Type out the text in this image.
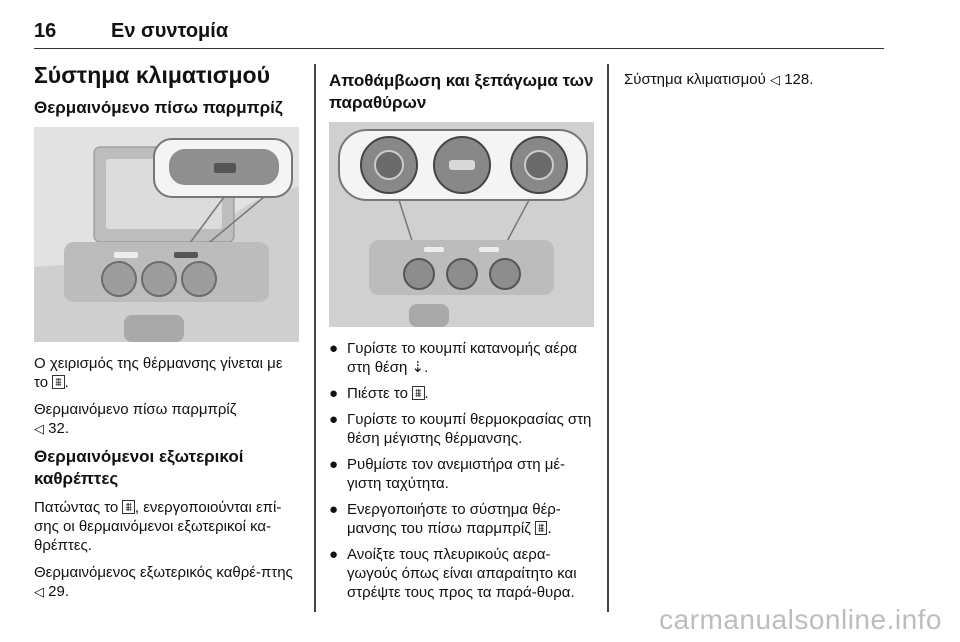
16	Εν συντομία
Σύστημα κλιματισμού
Θερμαινόμενο πίσω παρμπρίζ

Ο χειρισμός της θέρμανσης γίνεται με το ⩩ .

Θερμαινόμενο πίσω παρμπρίζ
◁ 32.

Θερμαινόμενοι εξωτερικοί καθρέπτες

Πατώντας το ⩩ , ενεργοποιούνται επί-σης οι θερμαινόμενοι εξωτερικοί κα-θρέπτες.

Θερμαινόμενος εξωτερικός καθρέ-πτης ◁ 29.

Αποθάμβωση και ξεπάγωμα των παραθύρων
● Γυρίστε το κουμπί κατανομής αέρα στη θέση ⇣.
● Πιέστε το ⩩ .
● Γυρίστε το κουμπί θερμοκρασίας στη θέση μέγιστης θέρμανσης.
● Ρυθμίστε τον ανεμιστήρα στη μέ-γιστη ταχύτητα.
● Ενεργοποιήστε το σύστημα θέρ-μανσης του πίσω παρμπρίζ ⩩ .
● Ανοίξτε τους πλευρικούς αερα-γωγούς όπως είναι απαραίτητο και στρέψτε τους προς τα παρά-θυρα.

Σύστημα κλιματισμού ◁ 128.

carmanualsonline.info
